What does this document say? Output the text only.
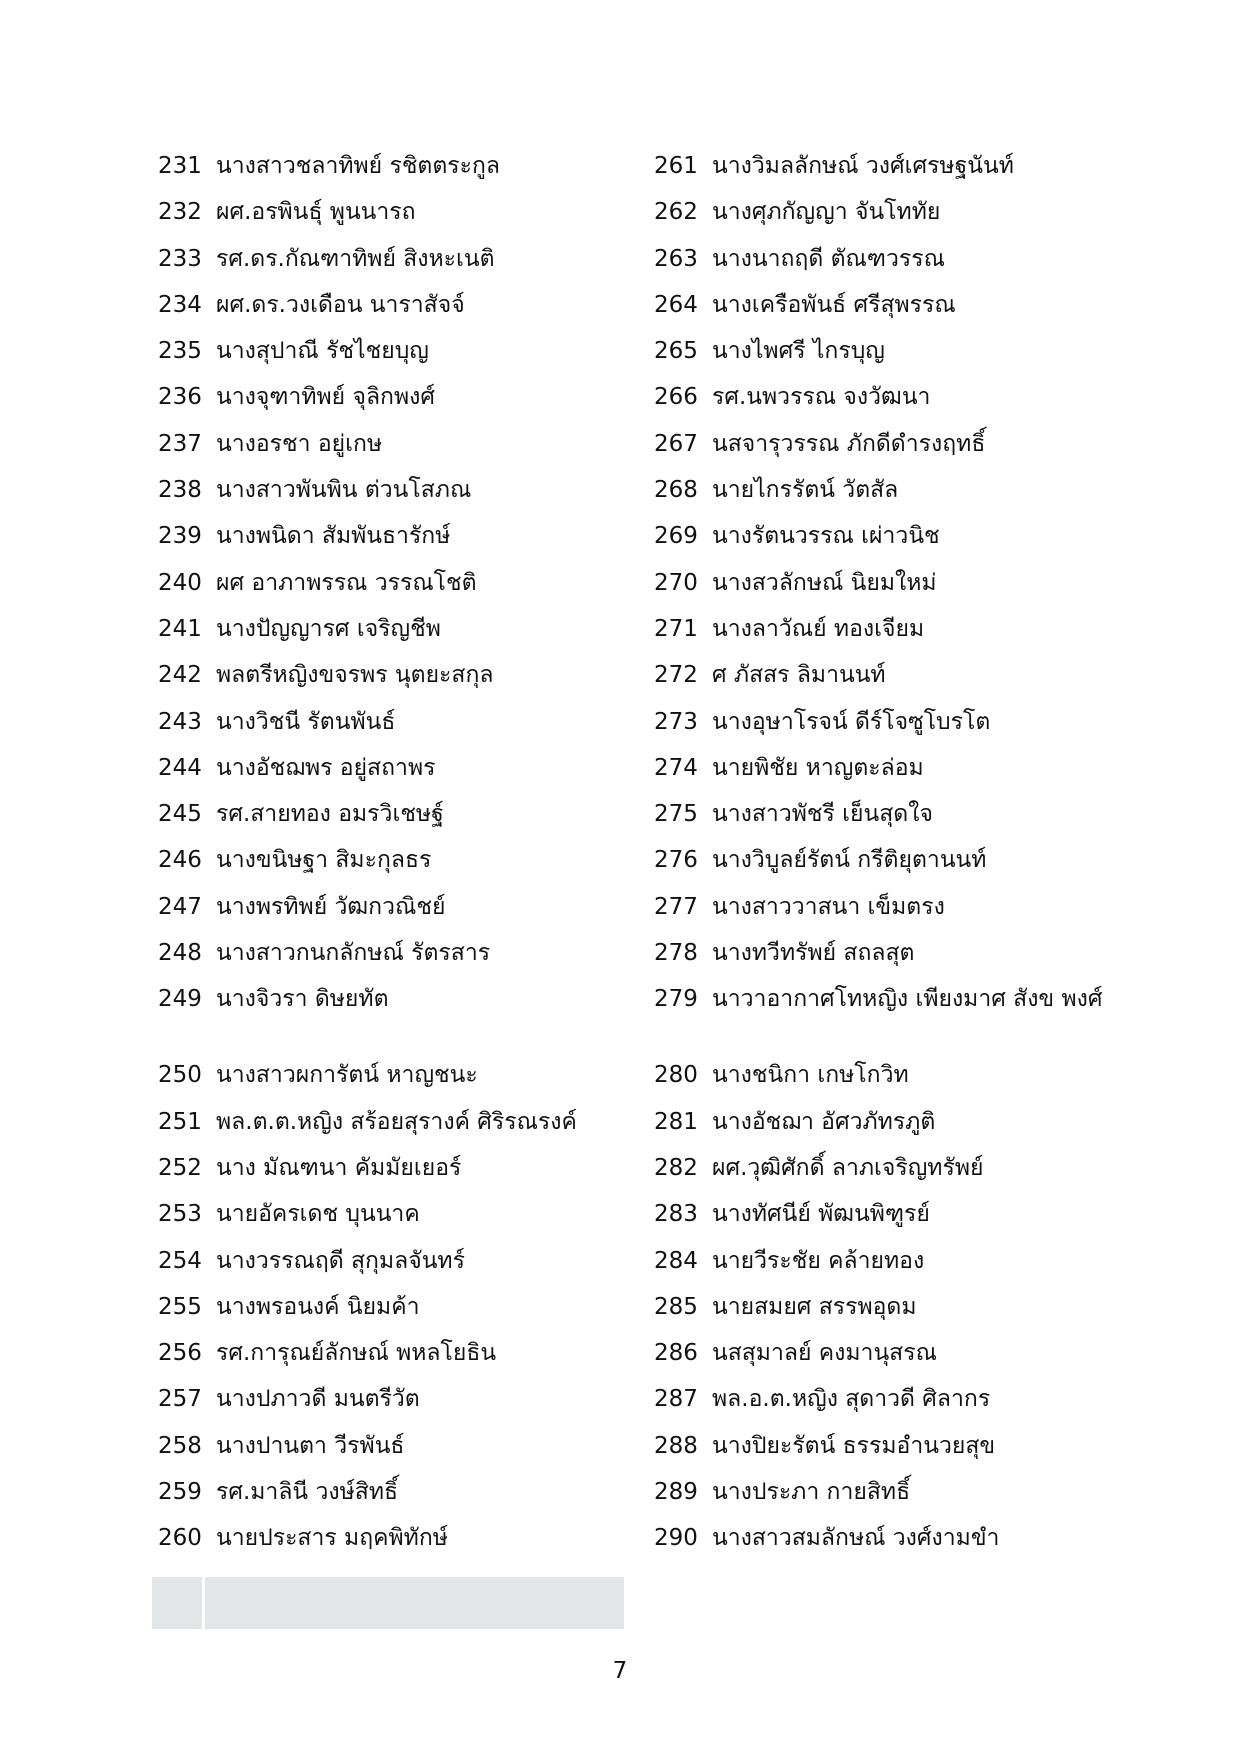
231 นางสาวชลาทิพย์ รชิตตระกูล
232 ผศ.อรพินธุ์ พูนนารถ
233 รศ.ดร.กัณฑาทิพย์ สิงหะเนติ
234 ผศ.ดร.วงเดือน นาราสัจจ์
235 นางสุปาณี รัชไชยบุญ
236 นางจุฑาทิพย์ จุลิกพงศ์
237 นางอรชา อยู่เกษ
238 นางสาวพันพิน ต่วนโสภณ
239 นางพนิดา สัมพันธารักษ์
240 ผศ อาภาพรรณ วรรณโชติ
241 นางปัญญารศ เจริญชีพ
242 พลตรีหญิงขจรพร นุตยะสกุล
243 นางวิชนี รัตนพันธ์
244 นางอัชฌพร อยู่สถาพร
245 รศ.สายทอง อมรวิเชษฐ์
246 นางขนิษฐา สิมะกุลธร
247 นางพรทิพย์ วัฒกวณิชย์
248 นางสาวกนกลักษณ์ รัตรสาร
249 นางจิวรา ดิษยทัต
250 นางสาวผการัตน์ หาญชนะ
251 พล.ต.ต.หญิง สร้อยสุรางค์ ศิริรณรงค์
252 นาง มัณฑนา คัมมัยเยอร์
253 นายอัครเดช บุนนาค
254 นางวรรณฤดี สุกุมลจันทร์
255 นางพรอนงค์ นิยมค้า
256 รศ.การุณย์ลักษณ์ พหลโยธิน
257 นางปภาวดี มนตรีวัต
258 นางปานตา วีรพันธ์
259 รศ.มาลินี วงษ์สิทธิ์
260 นายประสาร มฤคพิทักษ์
261 นางวิมลลักษณ์ วงศ์เศรษฐนันท์
262 นางศุภกัญญา จันโททัย
263 นางนาถฤดี ตัณฑวรรณ
264 นางเครือพันธ์ ศรีสุพรรณ
265 นางไพศรี ไกรบุญ
266 รศ.นพวรรณ จงวัฒนา
267 นสจารุวรรณ ภักดีดำรงฤทธิ์
268 นายไกรรัตน์ วัตสัล
269 นางรัตนวรรณ เผ่าวนิช
270 นางสวลักษณ์ นิยมใหม่
271 นางลาวัณย์ ทองเจียม
272 ศ ภัสสร ลิมานนท์
273 นางอุษาโรจน์ ดีร์โจซูโบรโต
274 นายพิชัย หาญตะล่อม
275 นางสาวพัชรี เย็นสุดใจ
276 นางวิบูลย์รัตน์ กรีติยุตานนท์
277 นางสาววาสนา เข็มตรง
278 นางทวีทรัพย์ สถลสุต
279 นาวาอากาศโทหญิง เพียงมาศ สังข พงศ์
280 นางชนิกา เกษโกวิท
281 นางอัชฌา อัศวภัทรภูติ
282 ผศ.วุฒิศักดิ์ ลาภเจริญทรัพย์
283 นางทัศนีย์ พัฒนพิฑูรย์
284 นายวีระชัย คล้ายทอง
285 นายสมยศ สรรพอุดม
286 นสสุมาลย์ คงมานุสรณ
287 พล.อ.ต.หญิง สุดาวดี ศิลากร
288 นางปิยะรัตน์ ธรรมอำนวยสุข
289 นางประภา กายสิทธิ์
290 นางสาวสมลักษณ์ วงศ์งามขำ
7
